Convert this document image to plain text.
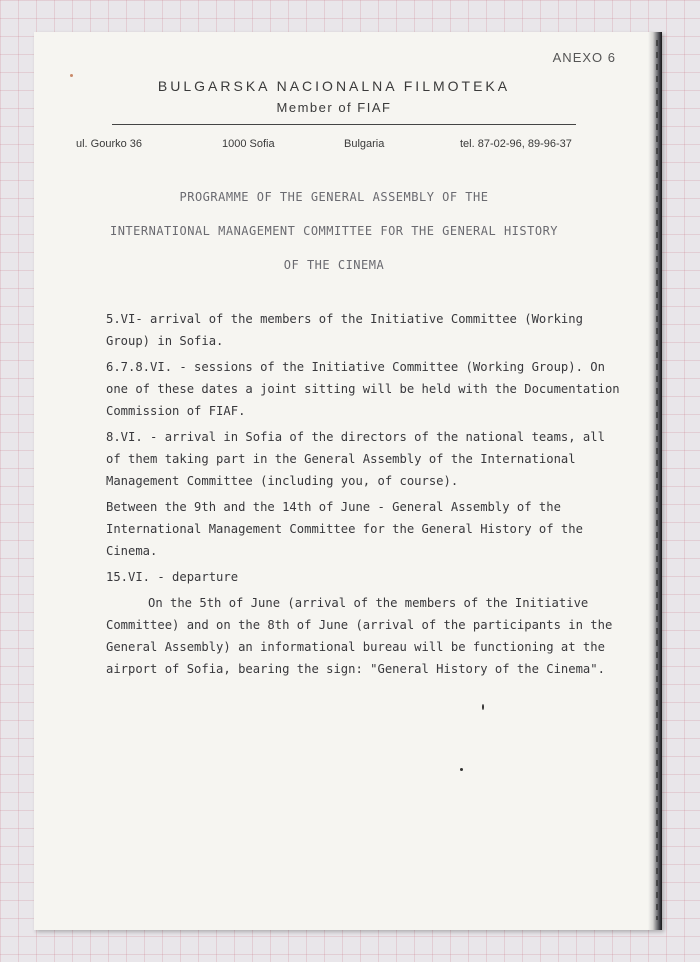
ANEXO 6
BULGARSKA NACIONALNA FILMOTEKA
Member of FIAF
ul. Gourko 36	1000 Sofia	Bulgaria	tel. 87-02-96, 89-96-37
PROGRAMME OF THE GENERAL ASSEMBLY OF THE
INTERNATIONAL MANAGEMENT COMMITTEE FOR THE GENERAL HISTORY
OF THE CINEMA

5.VI- arrival of the members of the Initiative Committee (Working Group) in Sofia.

6.7.8.VI. - sessions of the Initiative Committee (Working Group). On one of these dates a joint sitting will be held with the Documentation Commission of FIAF.

8.VI. - arrival in Sofia of the directors of the national teams, all of them taking part in the General Assembly of the International Management Committee (including you, of course).

Between the 9th and the 14th of June - General Assembly of the International Management Committee for the General History of the Cinema.

15.VI. - departure

On the 5th of June (arrival of the members of the Initiative Committee) and on the 8th of June (arrival of the participants in the General Assembly) an informational bureau will be functioning at the airport of Sofia, bearing the sign: "General History of the Cinema".
